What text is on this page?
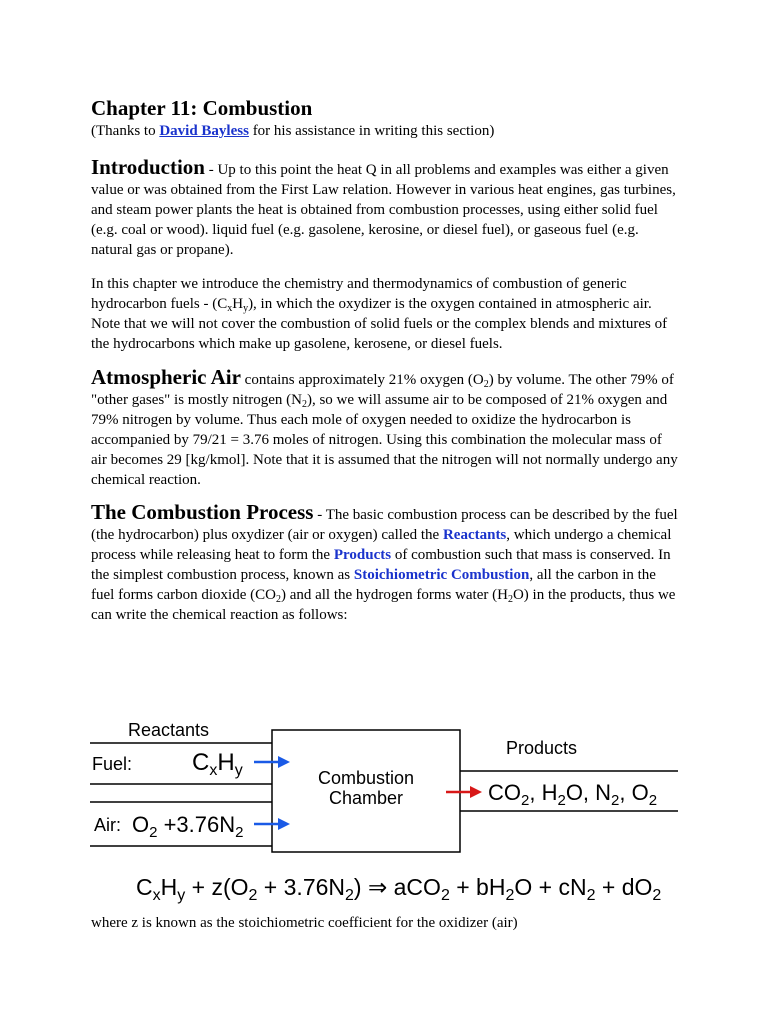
Chapter 11: Combustion

(Thanks to David Bayless for his assistance in writing this section)

Introduction - Up to this point the heat Q in all problems and examples was either a given value or was obtained from the First Law relation. However in various heat engines, gas turbines, and steam power plants the heat is obtained from combustion processes, using either solid fuel (e.g. coal or wood). liquid fuel (e.g. gasolene, kerosine, or diesel fuel), or gaseous fuel (e.g. natural gas or propane).

In this chapter we introduce the chemistry and thermodynamics of combustion of generic hydrocarbon fuels - $(C_xH_y)$, in which the oxydizer is the oxygen contained in atmospheric air. Note that we will not cover the combustion of solid fuels or the complex blends and mixtures of the hydrocarbons which make up gasolene, kerosene, or diesel fuels.

Atmospheric Air contains approximately 21% oxygen $(O_2)$ by volume. The other 79% of "other gases" is mostly nitrogen $(N_2)$, so we will assume air to be composed of 21% oxygen and 79% nitrogen by volume. Thus each mole of oxygen needed to oxidize the hydrocarbon is accompanied by 79/21 = 3.76 moles of nitrogen. Using this combination the molecular mass of air becomes 29 [kg/kmol]. Note that it is assumed that the nitrogen will not normally undergo any chemical reaction.

The Combustion Process - The basic combustion process can be described by the fuel (the hydrocarbon) plus oxydizer (air or oxygen) called the Reactants, which undergo a chemical process while releasing heat to form the Products of combustion such that mass is conserved. In the simplest combustion process, known as Stoichiometric Combustion, all the carbon in the fuel forms carbon dioxide $(CO_2)$ and all the hydrogen forms water $(H_2O)$ in the products, thus we can write the chemical reaction as follows:

Reactants
Products
Fuel:
Air:
$C_xH_y$
$O_2 +3.76N_2$
Combustion
Chamber	$CO_2$, $H_2O$, $N_2$, $O_2$
$C_xH_y + z(O_2 + 3.76N_2)$ ⇒ $aCO_2 + bH_2O + cN_2 + dO_2$

where z is known as the stoichiometric coefficient for the oxidizer (air)
